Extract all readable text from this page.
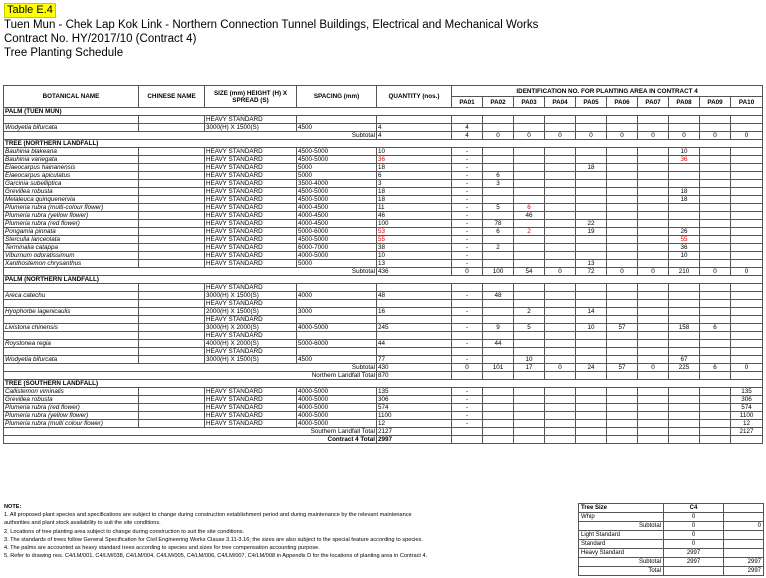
Table E.4
Tuen Mun - Chek Lap Kok Link - Northern Connection Tunnel Buildings, Electrical and Mechanical Works
Contract No. HY/2017/10 (Contract 4)
Tree Planting Schedule
BOTANICAL NAME	CHINESE NAME	SIZE (mm) HEIGHT (H) X SPREAD (S)	SPACING (mm)	QUANTITY (nos.)	IDENTIFICATION NO. FOR PLANTING AREA IN CONTRACT 4									
					PA01	PA02	PA03	PA04	PA05	PA06	PA07	PA08	PA09	PA10
PALM (TUEN MUN)														
		HEAVY STANDARD												
Wodyetia bifurcata		3000(H) X 1500(S)	4500	4	4									
Subtotal				4	4	0	0	0	0	0	0	0	0	0
TREE (NORTHERN LANDFALL)														
Bauhinia blakeana		HEAVY STANDARD	4500-5000	10	-							10		
Bauhinia variegata		HEAVY STANDARD	4500-5000	36	-							36		
Elaeocarpus hainanensis		HEAVY STANDARD	5000	18	-				18					
Elaeocarpus apiculatus		HEAVY STANDARD	5000	6	-	6								
Garcinia subelliptica		HEAVY STANDARD	3500-4000	3	-	3								
Grevillea robusta		HEAVY STANDARD	4500-5000	18	-							18		
Melaleuca quinquenervia		HEAVY STANDARD	4500-5000	18	-							18		
Plumeria rubra (multi-colour flower)		HEAVY STANDARD	4000-4500	11	-	5	6							
Plumeria rubra (yellow flower)		HEAVY STANDARD	4000-4500	46	-		46							
Plumeria rubra (red flower)		HEAVY STANDARD	4000-4500	100	-	78			22					
Pongamia pinnata		HEAVY STANDARD	5000-6000	53	-	6	2		19			26		
Sterculia lanceolata		HEAVY STANDARD	4500-5000	55	-							55		
Terminalia catappa		HEAVY STANDARD	6000-7000	38	-	2						36		
Viburnum odoratissimum		HEAVY STANDARD	4000-5000	10	-							10		
Xanthostemon chrysanthus		HEAVY STANDARD	5000	13	-				13					
Subtotal				436	0	100	54	0	72	0	0	210	0	0
PALM (NORTHERN LANDFALL)														
		HEAVY STANDARD												
Areca catechu		3000(H) X 1500(S)	4000	48	-	48								
		HEAVY STANDARD												
Hyophorbe lagenicaulis		2000(H) X 1500(S)	3000	16	-		2		14					
		HEAVY STANDARD												
Livistona chinensis		3000(H) X 2000(S)	4000-5000	245	-	9	5		10	57		158	6	
		HEAVY STANDARD												
Roystonea regia		4000(H) X 2000(S)	5000-6000	44	-	44								
		HEAVY STANDARD												
Wodyetia bifurcata		3000(H) X 1500(S)	4500	77	-		10					67		
Subtotal				430	0	101	17	0	24	57	0	225	6	0
Northern Landfall Total				870										
TREE (SOUTHERN LANDFALL)														
Callistemon viminalis		HEAVY STANDARD	4000-5000	135	-									135
Grevillea robusta		HEAVY STANDARD	4000-5000	306	-									306
Plumeria rubra (red flower)		HEAVY STANDARD	4000-5000	574	-									574
Plumeria rubra (yellow flower)		HEAVY STANDARD	4000-5000	1100	-									1100
Plumeria rubra (multi colour flower)		HEAVY STANDARD	4000-5000	12	-									12
Southern Landfall Total				2127										2127
Contract 4 Total				2997										
NOTE:
1. All proposed plant species and specifications are subject to change during construction establishment period and during maintenance by the relevant maintenance
authorities and plant stock availability to suit the site conditions.
2. Locations of tree planting area subject to change during construction to suit the site conditions.
3. The standards of trees follow General Specification for Civil Engineering Works Clause 3.11-3.16; the sizes are also subject to the special feature according to species.
4. The palms are accounted as heavy standard trees according to species and sizes for tree compensation accounting purpose.
5. Refer to drawing nos. C4/LM/001, C4/LM/038, C4/LM/004, C4/LM/005, C4/LM/006, C4/LM/007, C4/LM/008 in Appendix D for the locations of planting area in Contract 4.
Tree Size	C4	
Whip	0	
Subtotal	0	0
Light Standard	0	
Standard	0	
Heavy Standard	2997	
Subtotal	2997	2997
Total		2997
